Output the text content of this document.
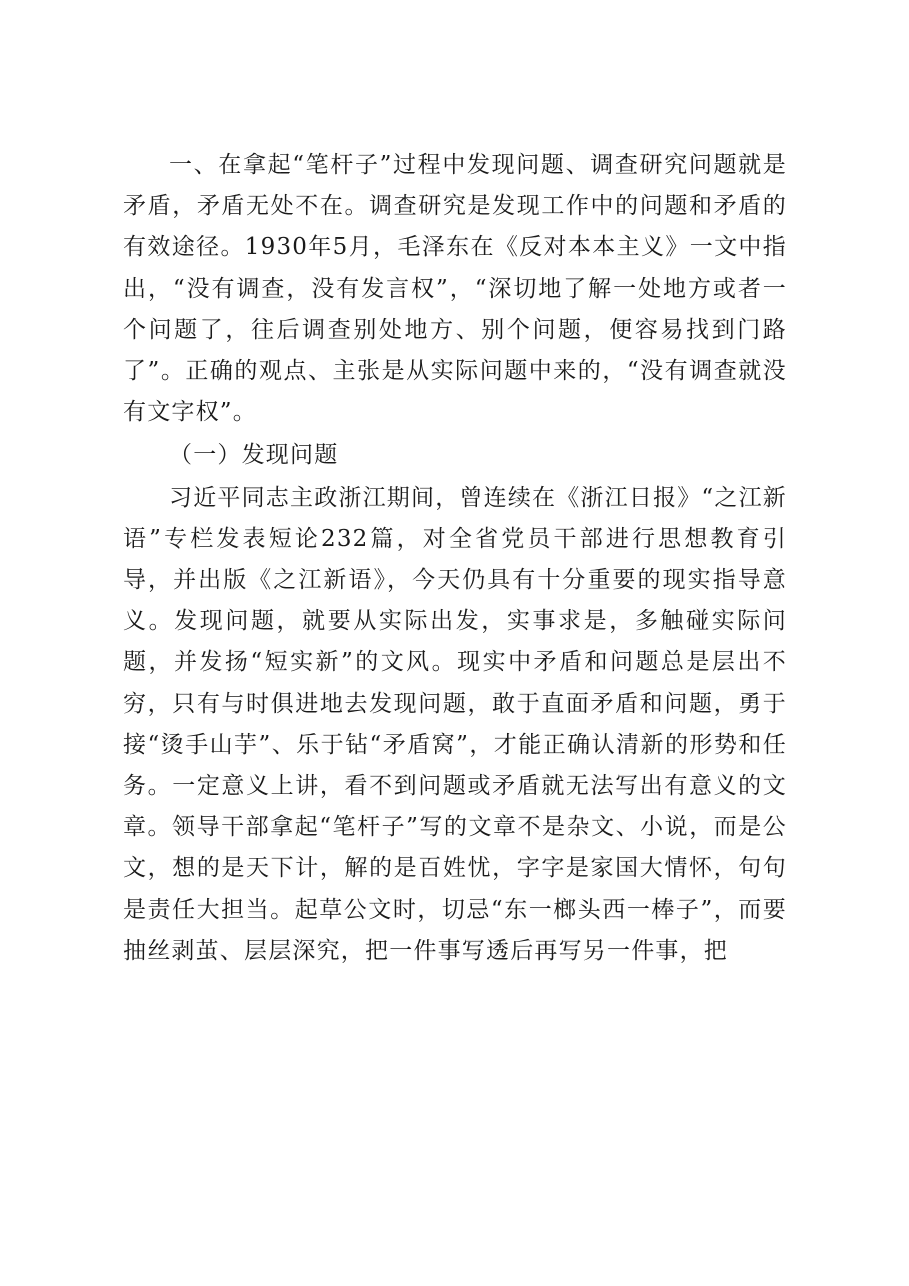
一、在拿起“笔杆子”过程中发现问题、调查研究问题就是矛盾，矛盾无处不在。调查研究是发现工作中的问题和矛盾的有效途径。1930年5月，毛泽东在《反对本本主义》一文中指出，“没有调查，没有发言权”，“深切地了解一处地方或者一个问题了，往后调查别处地方、别个问题，便容易找到门路了”。正确的观点、主张是从实际问题中来的，“没有调查就没有文字权”。

（一）发现问题

习近平同志主政浙江期间，曾连续在《浙江日报》“之江新语”专栏发表短论232篇，对全省党员干部进行思想教育引导，并出版《之江新语》，今天仍具有十分重要的现实指导意义。发现问题，就要从实际出发，实事求是，多触碰实际问题，并发扬“短实新”的文风。现实中矛盾和问题总是层出不穷，只有与时俱进地去发现问题，敢于直面矛盾和问题，勇于接“烫手山芋”、乐于钻“矛盾窝”，才能正确认清新的形势和任务。一定意义上讲，看不到问题或矛盾就无法写出有意义的文章。领导干部拿起“笔杆子”写的文章不是杂文、小说，而是公文，想的是天下计，解的是百姓忧，字字是家国大情怀，句句是责任大担当。起草公文时，切忌“东一榔头西一棒子”，而要抽丝剥茧、层层深究，把一件事写透后再写另一件事，把
